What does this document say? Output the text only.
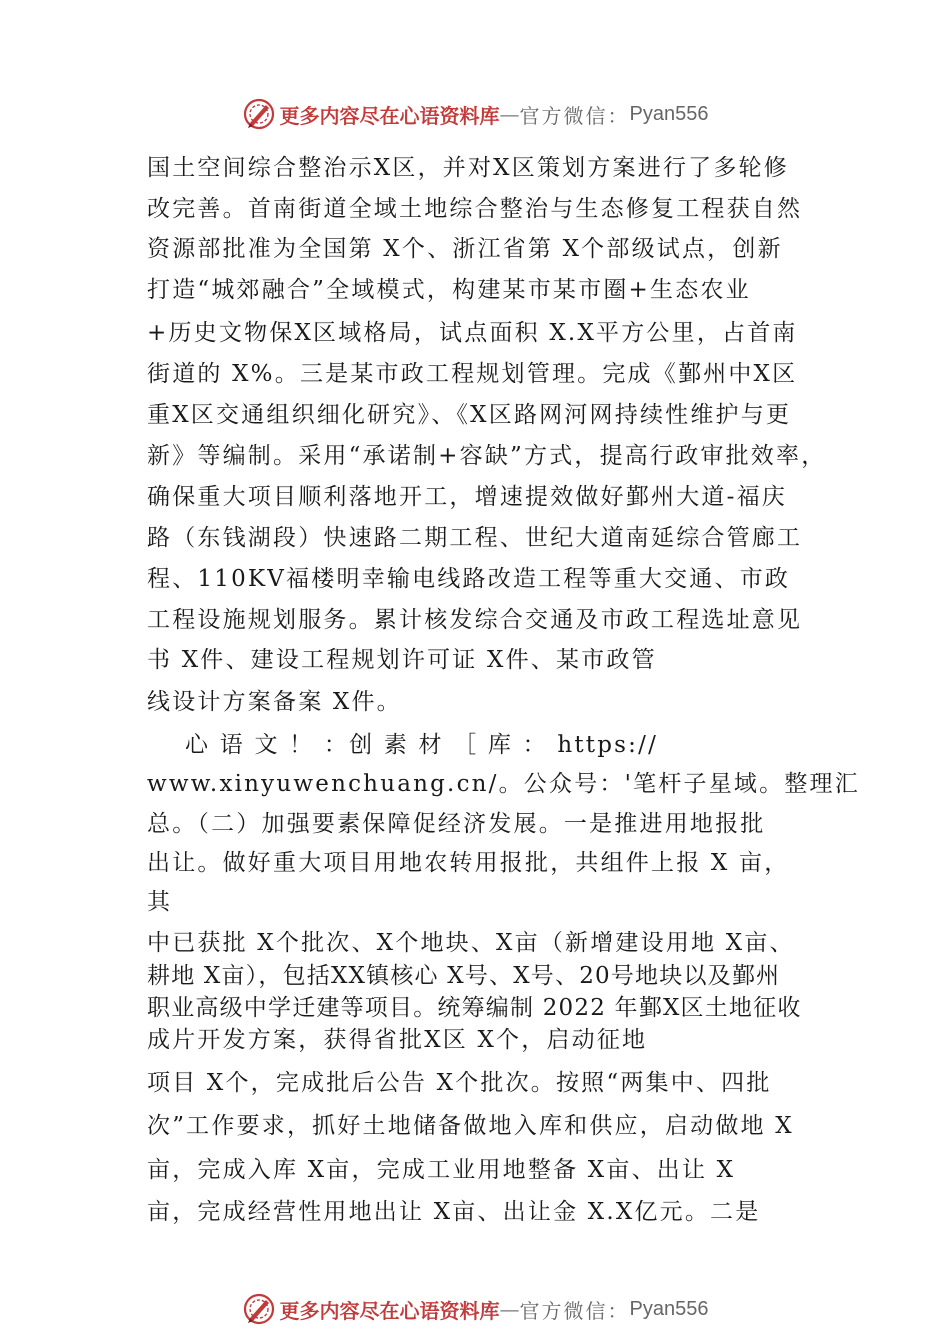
更多内容尽在心语资料库 — 官方微信： Pyan556
国土空间综合整治示X区，并对X区策划方案进行了多轮修
改完善。首南街道全域土地综合整治与生态修复工程获自然
资源部批准为全国第 X个、浙江省第 X个部级试点，创新
打造“城郊融合”全域模式，构建某市某市圈+生态农业
+历史文物保X区域格局，试点面积 X.X平方公里，占首南
街道的 X%。三是某市政工程规划管理。完成《鄞州中X区
重X区交通组织细化研究》、《X区路网河网持续性维护与更
新》等编制。采用“承诺制+容缺”方式，提高行政审批效率，
确保重大项目顺利落地开工，增速提效做好鄞州大道-福庆
路（东钱湖段）快速路二期工程、世纪大道南延综合管廊工
程、110KV福楼明幸输电线路改造工程等重大交通、市政
工程设施规划服务。累计核发综合交通及市政工程选址意见
书 X件、建设工程规划许可证 X件、某市政管
线设计方案备案 X件。
心 语 文 ！ ：创 素 材 ［ 库 ： https://
www.xinyuwenchuang.cn/。公众号：'笔杆子星域。整理汇
总。（二）加强要素保障促经济发展。一是推进用地报批
出让。做好重大项目用地农转用报批，共组件上报 X 亩，
其
中已获批 X个批次、X个地块、X亩（新增建设用地 X亩、
耕地 X亩），包括XX镇核心 X号、X号、20号地块以及鄞州
职业高级中学迁建等项目。统筹编制 2022 年鄞X区土地征收
成片开发方案，获得省批X区 X个，启动征地
项目 X个，完成批后公告 X个批次。按照“两集中、四批
次”工作要求，抓好土地储备做地入库和供应，启动做地 X
亩，完成入库 X亩，完成工业用地整备 X亩、出让 X
亩，完成经营性用地出让 X亩、出让金 X.X亿元。二是
更多内容尽在心语资料库 — 官方微信： Pyan556
